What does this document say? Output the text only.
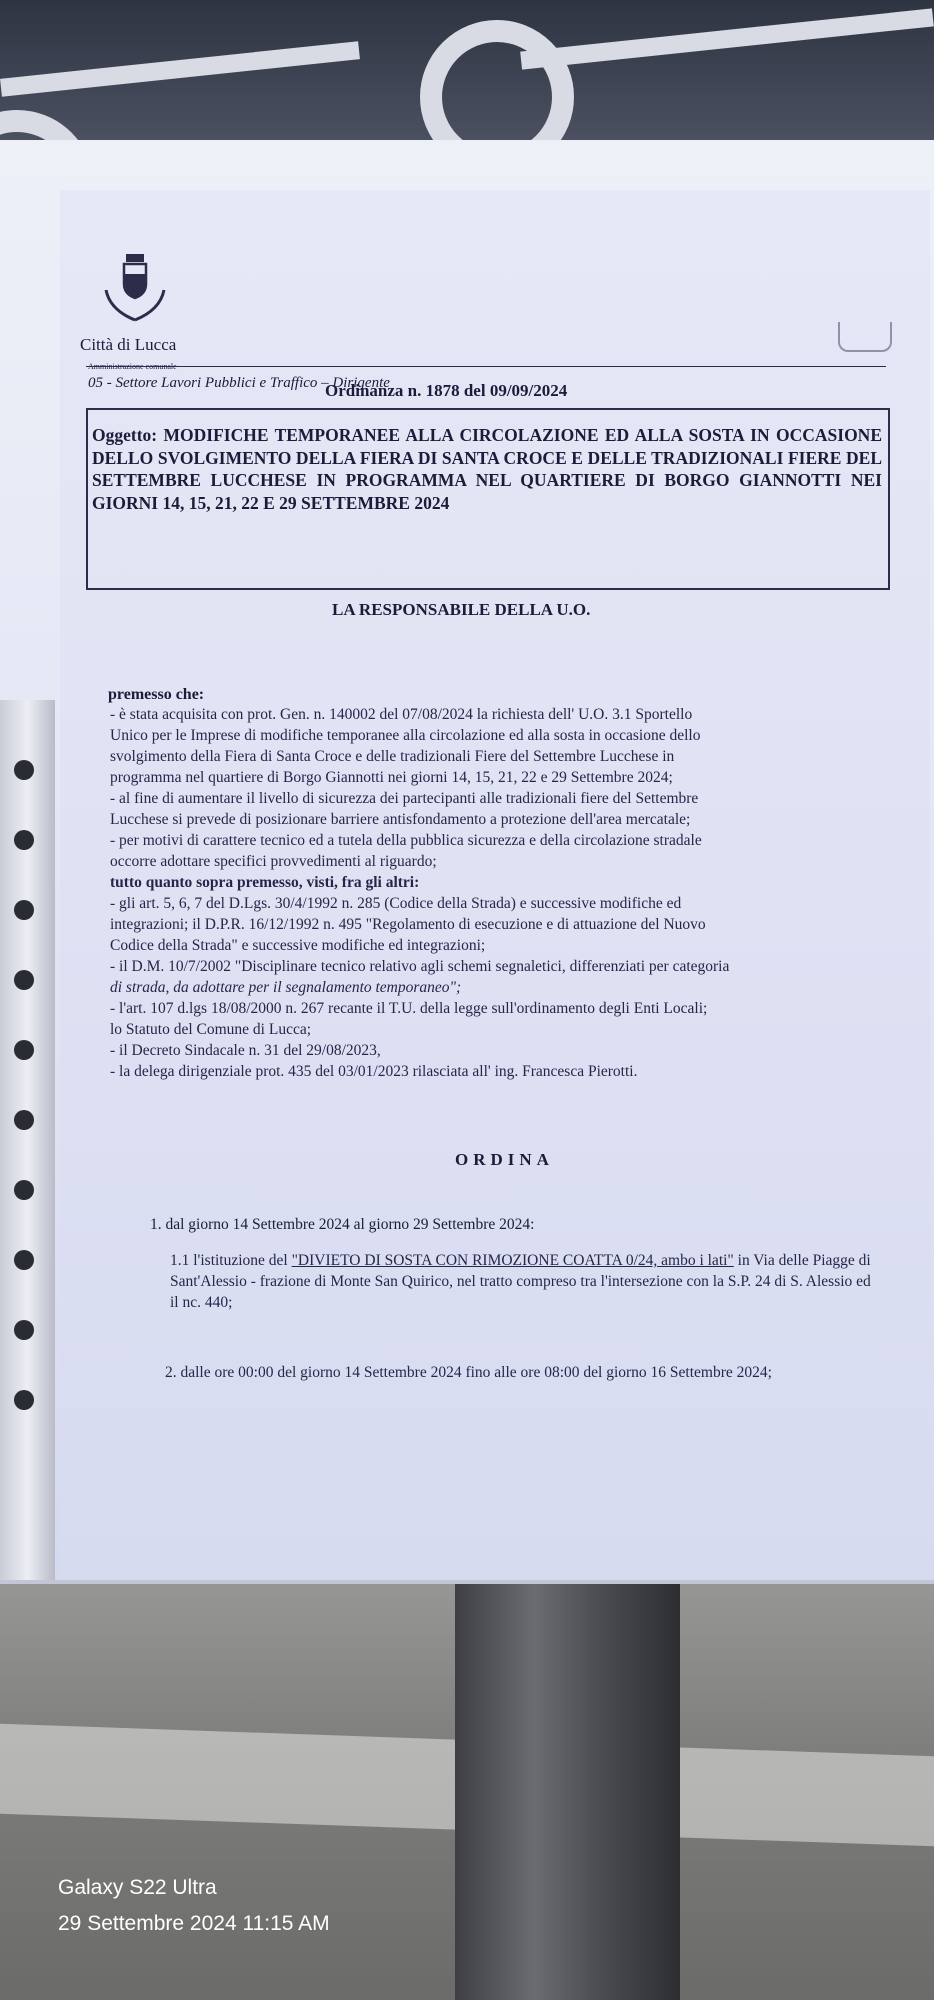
Città di Lucca
05 - Settore Lavori Pubblici e Traffico – Dirigente
Ordinanza n. 1878 del 09/09/2024
Oggetto: MODIFICHE TEMPORANEE ALLA CIRCOLAZIONE ED ALLA SOSTA IN OCCASIONE DELLO SVOLGIMENTO DELLA FIERA DI SANTA CROCE E DELLE TRADIZIONALI FIERE DEL SETTEMBRE LUCCHESE IN PROGRAMMA NEL QUARTIERE DI BORGO GIANNOTTI NEI GIORNI 14, 15, 21, 22 E 29 SETTEMBRE 2024
LA RESPONSABILE DELLA U.O.
premesso che:
- è stata acquisita con prot. Gen. n. 140002 del 07/08/2024 la richiesta dell' U.O. 3.1 Sportello
Unico per le Imprese di modifiche temporanee alla circolazione ed alla sosta in occasione dello
svolgimento della Fiera di Santa Croce e delle tradizionali Fiere del Settembre Lucchese in
programma nel quartiere di Borgo Giannotti nei giorni 14, 15, 21, 22 e 29 Settembre 2024;
- al fine di aumentare il livello di sicurezza dei partecipanti alle tradizionali fiere del Settembre
Lucchese si prevede di posizionare barriere antisfondamento a protezione dell'area mercatale;
- per motivi di carattere tecnico ed a tutela della pubblica sicurezza e della circolazione stradale
occorre adottare specifici provvedimenti al riguardo;
tutto quanto sopra premesso, visti, fra gli altri:
- gli art. 5, 6, 7 del D.Lgs. 30/4/1992 n. 285 (Codice della Strada) e successive modifiche ed
integrazioni; il D.P.R. 16/12/1992 n. 495 "Regolamento di esecuzione e di attuazione del Nuovo
Codice della Strada" e successive modifiche ed integrazioni;
- il D.M. 10/7/2002 "Disciplinare tecnico relativo agli schemi segnaletici, differenziati per categoria
di strada, da adottare per il segnalamento temporaneo";
- l'art. 107 d.lgs 18/08/2000 n. 267 recante il T.U. della legge sull'ordinamento degli Enti Locali;
lo Statuto del Comune di Lucca;
- il Decreto Sindacale n. 31 del 29/08/2023,
- la delega dirigenziale prot. 435 del 03/01/2023 rilasciata all' ing. Francesca Pierotti.
ORDINA
1. dal giorno 14 Settembre 2024 al giorno 29 Settembre 2024:
1.1 l'istituzione del "DIVIETO DI SOSTA CON RIMOZIONE COATTA 0/24, ambo i lati" in Via delle Piagge di Sant'Alessio - frazione di Monte San Quirico, nel tratto compreso tra l'intersezione con la S.P. 24 di S. Alessio ed il nc. 440;
2. dalle ore 00:00 del giorno 14 Settembre 2024 fino alle ore 08:00 del giorno 16 Settembre 2024;
Galaxy S22 Ultra
29 Settembre 2024 11:15 AM
